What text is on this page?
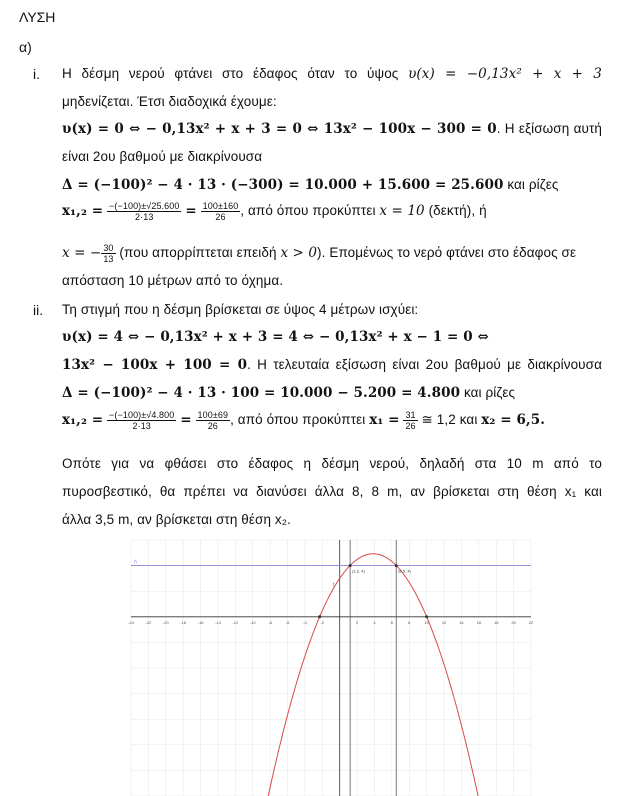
ΛΥΣΗ
α)
i. Η δέσμη νερού φτάνει στο έδαφος όταν το ύψος υ(x) = −0,13x² + x + 3
μηδενίζεται. Έτσι διαδοχικά έχουμε:
υ(x) = 0 ⇔ − 0,13x² + x + 3 = 0 ⇔ 13x² − 100x − 300 = 0. Η εξίσωση αυτή
είναι 2ου βαθμού με διακρίνουσα
Δ = (−100)² − 4 · 13 · (−300) = 10.000 + 15.600 = 25.600 και ρίζες
$x_1,_2 = \frac{-(-100)\pm√25.600}{2\cdot 13} = \frac{100\pm 160}{26}$ , από όπου προκύπτει x = 10 (δεκτή), ή
x = − $\frac{30}{13} (\pi o\upsilon$ απορρίπτεται επειδή x > 0). Επομένως το νερό φτάνει στο έδαφος σε
απόσταση 10 μέτρων από το όχημα.
ii. Τη στιγμή που η δέσμη βρίσκεται σε ύψος 4 μέτρων ισχύει:
υ(x) = 4 ⇔ − 0,13x² + x + 3 = 4 ⇔ − 0,13x² + x − 1 = 0 ⇔
13x² − 100x + 100 = 0. Η τελευταία εξίσωση είναι 2ου βαθμού με διακρίνουσα
Δ = (−100)² − 4 · 13 · 100 = 10.000 − 5.200 = 4.800 και ρίζες
$x_1,_2 = \frac{-(-100)\pm√4.800}{2\cdot 13} = \frac{100\pm 69}{26}$ , από όπου προκύπτει $x_1 = \frac{31}{26}$ ≅ 1,2 και x₂ = 6,5.
Οπότε για να φθάσει στο έδαφος η δέσμη νερού, δηλαδή στα 10 m από το
πυροσβεστικό, θα πρέπει να διανύσει άλλα 8, 8 m, αν βρίσκεται στη θέση x₁ και
άλλα 3,5 m, αν βρίσκεται στη θέση x₂.
-24	-22	-20	-18	-16	-14	-12	-10	-8	-6	-4	-2	2	4	6	8	10	12	14	16	18	20	22
h
f
(1.2, 4)	(6.5, 4)
